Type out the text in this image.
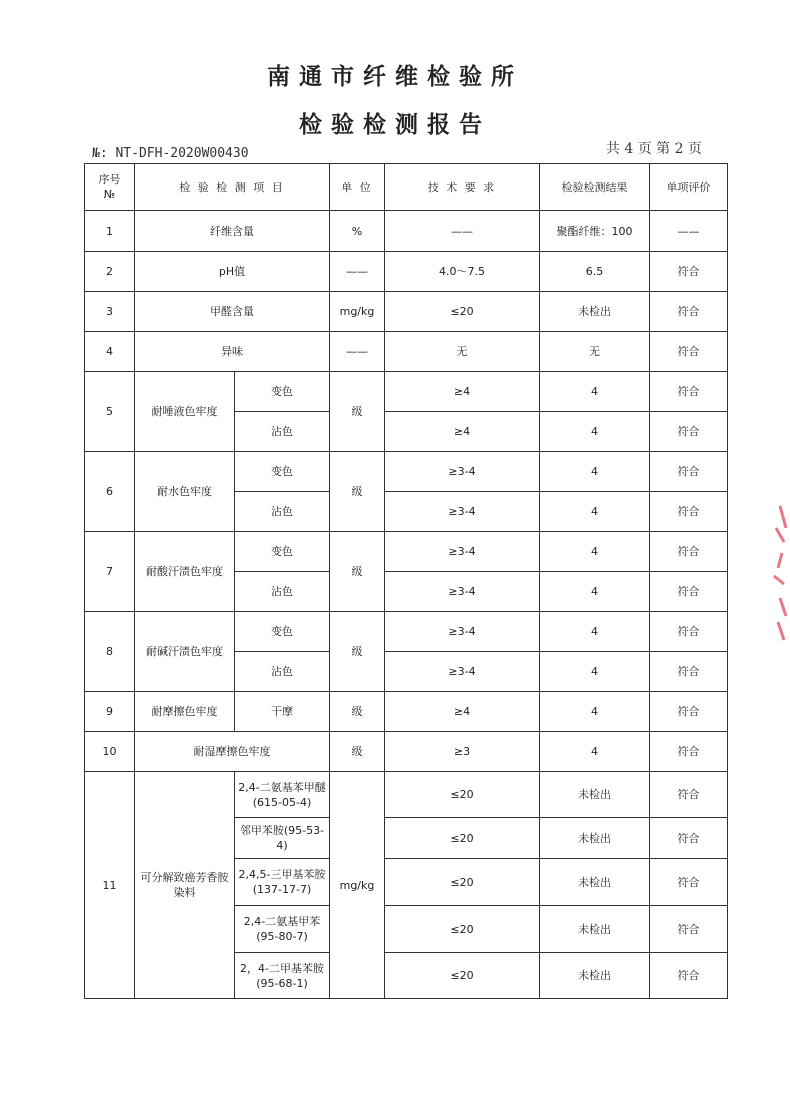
南通市纤维检验所
检验检测报告
№: NT-DFH-2020W00430	共 4 页 第 2 页
序号
№	检 验 检 测 项 目		单 位	技 术 要 求	检验检测结果	单项评价
1	纤维含量		%	——	聚酯纤维：100	——
2	pH值		——	4.0～7.5	6.5	符合
3	甲醛含量		mg/kg	≤20	未检出	符合
4	异味		——	无	无	符合
5	耐唾液色牢度	变色	级	≥4	4	符合
		沾色		≥4	4	符合
6	耐水色牢度	变色	级	≥3-4	4	符合
		沾色		≥3-4	4	符合
7	耐酸汗渍色牢度	变色	级	≥3-4	4	符合
		沾色		≥3-4	4	符合
8	耐碱汗渍色牢度	变色	级	≥3-4	4	符合
		沾色		≥3-4	4	符合
9	耐摩擦色牢度	干摩	级	≥4	4	符合
10	耐湿摩擦色牢度		级	≥3	4	符合
11	可分解致癌芳香胺染料	2,4-二氨基苯甲醚(615-05-4)	mg/kg	≤20	未检出	符合
		邻甲苯胺(95-53-4)		≤20	未检出	符合
		2,4,5-三甲基苯胺(137-17-7)		≤20	未检出	符合
		2,4-二氨基甲苯(95-80-7)		≤20	未检出	符合
		2，4-二甲基苯胺(95-68-1)		≤20	未检出	符合
